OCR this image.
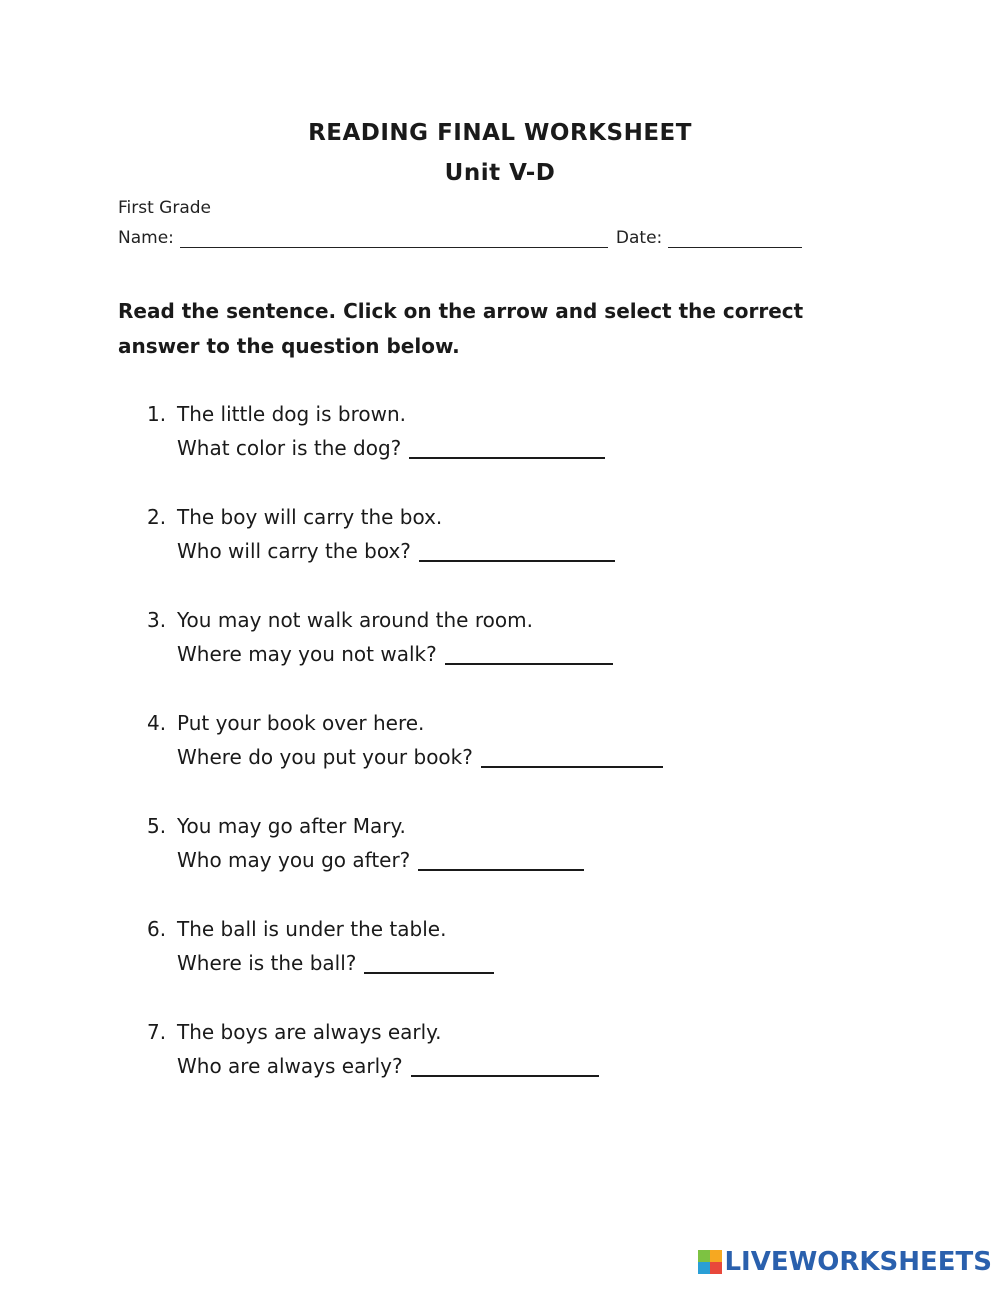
READING FINAL WORKSHEET
Unit V-D
First Grade
Name:	Date:
Read the sentence. Click on the arrow and select the correct answer to the question below.
1. The little dog is brown.
What color is the dog?
2. The boy will carry the box.
Who will carry the box?
3. You may not walk around the room.
Where may you not walk?
4. Put your book over here.
Where do you put your book?
5. You may go after Mary.
Who may you go after?
6. The ball is under the table.
Where is the ball?
7. The boys are always early.
Who are always early?
LIVEWORKSHEETS
